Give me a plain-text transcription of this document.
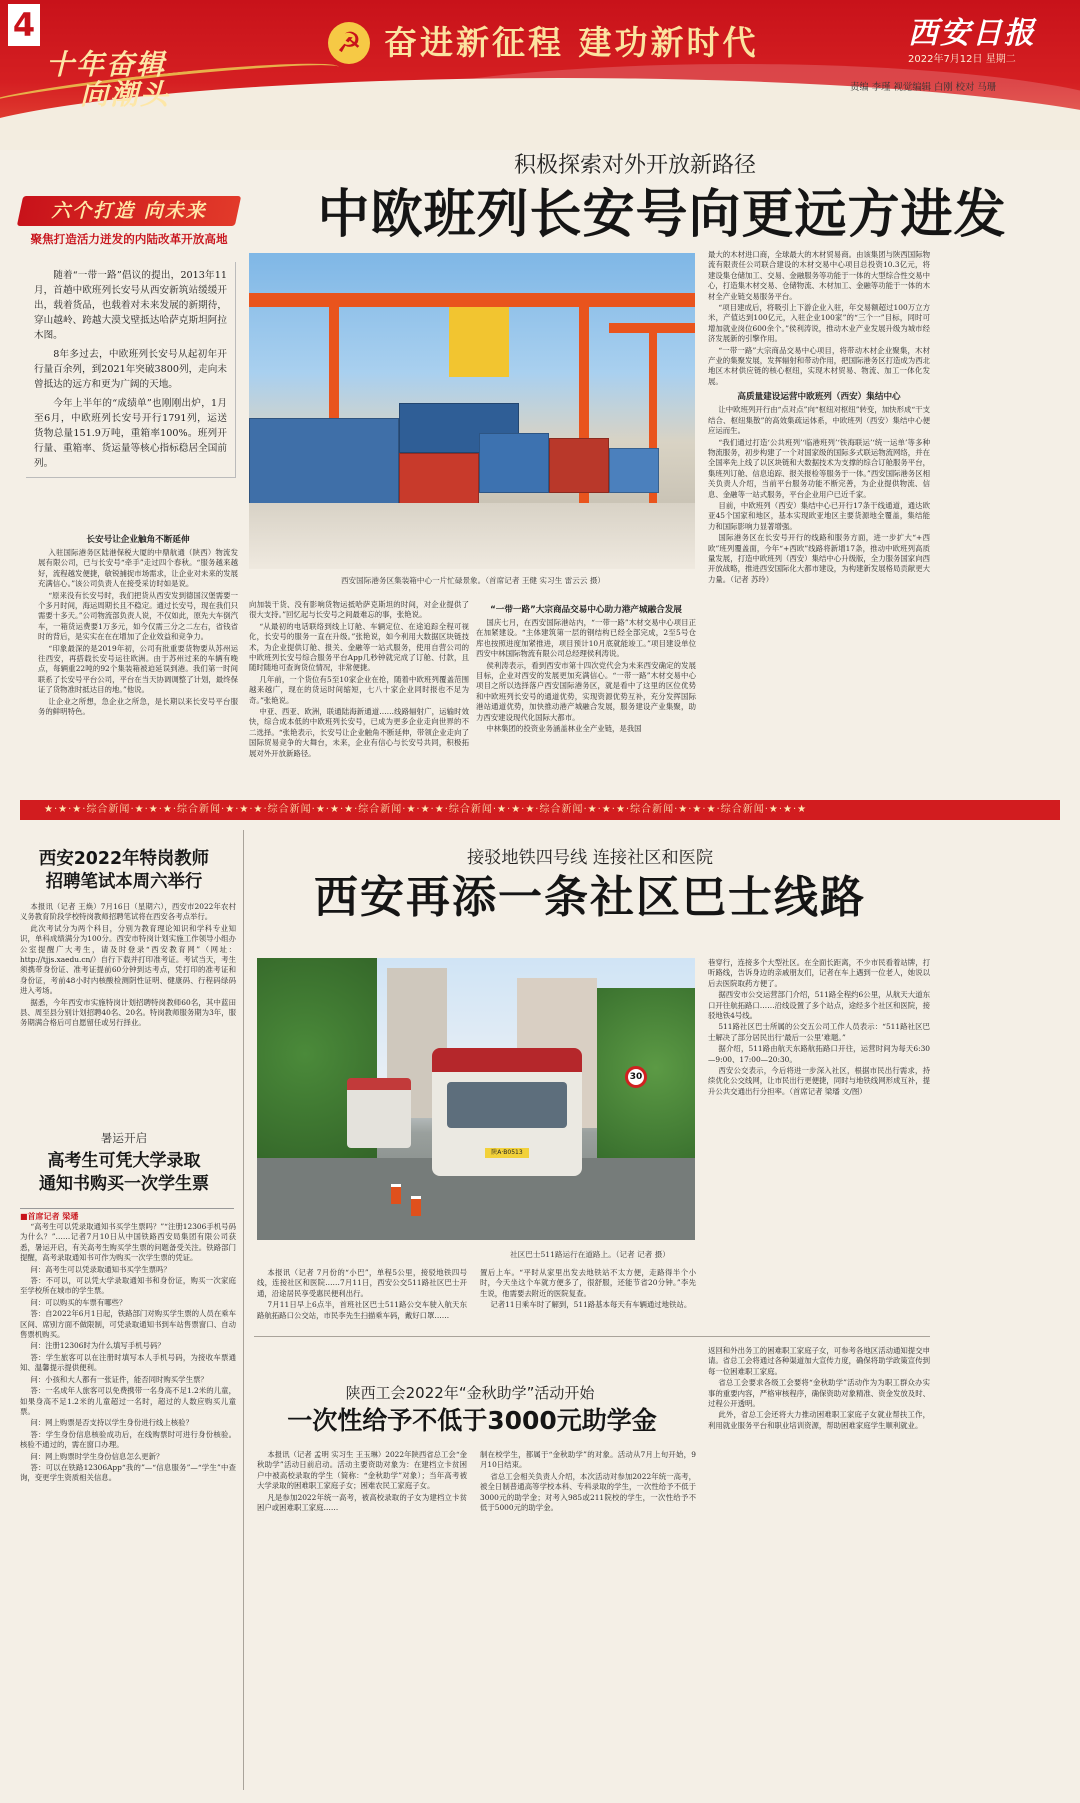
4
十年奋辑
向潮头
☭ 奋进新征程 建功新时代	西安日报
2022年7月12日 星期二
责编 李瑾 视觉编辑 白刚 校对 马珊
积极探索对外开放新路径
中欧班列长安号向更远方进发
六个打造 向未来
聚焦打造活力迸发的内陆改革开放高地

随着“一带一路”倡议的提出，2013年11月，首趟中欧班列长安号从西安新筑站缓缓开出，载着货品，也载着对未来发展的新期待，穿山越岭、跨越大漠戈壁抵达哈萨克斯坦阿拉木图。

8年多过去，中欧班列长安号从起初年开行量百余列，到2021年突破3800列，走向未曾抵达的远方和更为广阔的天地。

今年上半年的“成绩单”也刚刚出炉，1月至6月，中欧班列长安号开行1791列，运送货物总量151.9万吨，重箱率100%。班列开行量、重箱率、货运量等核心指标稳居全国前列。

西安国际港务区集装箱中心一片忙碌景象。（首席记者 王健 实习生 雷云云 摄）
长安号让企业触角不断延伸

入驻国际港务区陆港保税大厦的中鼎航通（陕西）物流发展有限公司，已与长安号“牵手”走过四个春秋。“服务越来越好，流程越发便捷，敏锐捕捉市场需求，让企业对未来的发展充满信心。”该公司负责人在接受采访时如是说。

“原来没有长安号时，我们把货从西安发到德国汉堡需要一个多月时间，海运周期长且不稳定。通过长安号，现在我们只需要十多天。”公司物流部负责人说，不仅如此，原先大车倒汽车，一箱货运费要1万多元，如今仅需三分之二左右，省钱省时的背后，是实实在在在增加了企业效益和竞争力。

“印象最深的是2019年初，公司有批重要货物要从苏州运往西安，再搭载长安号运往欧洲。由于苏州过来的车辆有晚点，每辆重22吨的92个集装箱被迫延误到港。我们第一时间联系了长安号平台公司，平台在当天协调调整了计划，最终保证了货物准时抵达目的地。”他说。

让企业之所想，急企业之所急，是长期以来长安号平台服务的鲜明特色。

向加装干货、没有影响货物运抵哈萨克斯坦的时间，对企业提供了很大支持。”回忆起与长安号之间最难忘的事，张艳说。

“从最初的电话联络到线上订舱、车辆定位、在途追踪全程可视化，长安号的服务一直在升级。”张艳说，如今利用大数据区块链技术，为企业提供订舱、报关、金融等一站式服务，使用自营公司的中欧班列长安号综合服务平台App几秒钟就完成了订舱、付款，且随时随地可查询货位情况，非常便捷。

几年前，一个货位有5至10家企业在抢，随着中欧班列覆盖范围越来越广，现在的货运时间缩短，七八十家企业同时报也不足为奇。”张艳说。

中亚、西亚、欧洲，联通陆海新通道……线路辐射广，运输时效快，综合成本低的中欧班列长安号，已成为更多企业走向世界的不二选择。“张艳表示，长安号让企业触角不断延伸，带领企业走向了国际贸易竞争的大舞台，未来，企业有信心与长安号共同，积极拓展对外开放新路径。

“一带一路”大宗商品交易中心助力港产城融合发展

国庆七月，在西安国际港站内，“一带一路”木材交易中心项目正在加紧建设。“主体建筑第一层的钢结构已经全部完成，2至5号仓库也按照进度加紧推进，项目预计10月底就能竣工。”项目建设单位西安中林国际物流有限公司总经理侯利涛说。

侯利涛表示，看到西安市第十四次党代会为未来西安确定的发展目标，企业对西安的发展更加充满信心。“一带一路”木材交易中心项目之所以选择落户西安国际港务区，就是看中了这里的区位优势和中欧班列长安号的通道优势，实现资源优势互补，充分发挥国际港站通道优势，加快推动港产城融合发展，服务建设产业集聚，助力西安建设现代化国际大都市。

中林集团的投资业务涵盖林业全产业链，是我国

最大的木材进口商，全球最大的木材贸易商。由该集团与陕西国际物流有限责任公司联合建设的木材交易中心项目总投资10.3亿元，将建设集仓储加工、交易、金融服务等功能于一体的大型综合性交易中心，打造集木材交易、仓储物流、木材加工、金融等功能于一体的木材全产业链交易服务平台。

“项目建成后，将吸引上下游企业入驻，年交易额超过100万立方米，产值达到100亿元，入驻企业100家”的“三个一”目标，同时可增加就业岗位600余个。”侯利涛说，推动木业产业发展升级为城市经济发展新的引擎作用。

“一带一路”大宗商品交易中心项目，将带动木材企业聚集，木材产业的集聚发展，发挥辐射和带动作用，把国际港务区打造成为西北地区木材供应链的核心枢纽，实现木材贸易、物流、加工一体化发展。

高质量建设运营中欧班列（西安）集结中心

让中欧班列开行由“点对点”向“枢纽对枢纽”转变，加快形成“干支结合、枢纽集散”的高效集疏运体系，中欧班列（西安）集结中心便应运而生。

“我们通过打造‘公共班列’‘临港班列’‘铁海联运’‘统一运单’等多种物流服务，初步构建了一个对国家级的国际多式联运物流网络，并在全国率先上线了以区块链和大数据技术为支撑的综合订舱服务平台，集班列订舱、信息追踪、报关报检等服务于一体。”西安国际港务区相关负责人介绍，当前平台服务功能不断完善，为企业提供物流、信息、金融等一站式服务，平台企业用户已近千家。

目前，中欧班列（西安）集结中心已开行17条干线通道，通达欧亚45个国家和地区，基本实现欧亚地区主要货源地全覆盖，集结能力和国际影响力显著增强。

国际港务区在长安号开行的线路和服务方面，进一步扩大“+西欧”班列覆盖面，今年“+西欧”线路将新增17条，推动中欧班列高质量发展，打造中欧班列（西安）集结中心升级版，全力服务国家向西开放战略，推进西安国际化大都市建设，为构建新发展格局贡献更大力量。（记者 苏玲）

★·★·★·综合新闻·★·★·★·综合新闻·★·★·★·综合新闻·★·★·★·综合新闻·★·★·★·综合新闻·★·★·★·综合新闻·★·★·★·综合新闻·★·★·★·综合新闻·★·★·★
西安2022年特岗教师
招聘笔试本周六举行

本报讯（记者 王焕）7月16日（星期六），西安市2022年农村义务教育阶段学校特岗教师招聘笔试将在西安各考点举行。

此次考试分为两个科目，分别为教育理论知识和学科专业知识，单科成绩满分为100分。西安市特岗计划实施工作领导小组办公室提醒广大考生，请及时登录“西安教育网”（网址：http://tjjs.xaedu.cn/）自行下载并打印准考证。考试当天，考生须携带身份证、准考证提前60分钟到达考点，凭打印的准考证和身份证，考前48小时内核酸检测阴性证明、健康码、行程码绿码进入考场。

据悉，今年西安市实施特岗计划招聘特岗教师60名，其中蓝田县、周至县分别计划招聘40名、20名。特岗教师服务期为3年，服务期满合格后可自愿留任或另行择业。

暑运开启
高考生可凭大学录取
通知书购买一次学生票
■首席记者 梁璠

“高考生可以凭录取通知书买学生票吗？”“注册12306手机号码为什么？”……记者7月10日从中国铁路西安局集团有限公司获悉，暑运开启，有关高考生购买学生票的问题备受关注。铁路部门提醒，高考录取通知书可作为购买一次学生票的凭证。

问：高考生可以凭录取通知书买学生票吗？

答：不可以，可以凭大学录取通知书和身份证，购买一次家庭至学校所在城市的学生票。

问：可以购买的车票有哪些？

答：自2022年6月1日起，铁路部门对购买学生票的人员在乘车区间、席别方面不做限制，可凭录取通知书到车站售票窗口、自动售票机购买。

问：注册12306时为什么填写手机号码？

答：学生旅客可以在注册时填写本人手机号码，为接收车票通知、温馨提示提供便利。

问：小孩和大人都有一张证件，能否同时购买学生票？

答：一名成年人旅客可以免费携带一名身高不足1.2米的儿童，如果身高不足1.2米的儿童超过一名时，超过的人数应购买儿童票。

问：网上购票是否支持以学生身份进行线上核验？

答：学生身份信息核验成功后，在线购票时可进行身份核验。核验不通过的，需在窗口办理。

问：网上购票时学生身份信息怎么更新？

答：可以在铁路12306App“我的”—“信息服务”—“学生”中查询，变更学生资质相关信息。

接驳地铁四号线 连接社区和医院
西安再添一条社区巴士线路
陕A·B0513
30
社区巴士511路运行在道路上。（记者 记者 摄）

本报讯（记者 7月份的“小巴”，单程5公里，接驳地铁四号线，连接社区和医院……7月11日，西安公交511路社区巴士开通，沿途居民享受惠民便利出行。

7月11日早上6点半，首班社区巴士511路公交车驶入航天东路航拓路口公交站，市民李先生扫描乘车码，戴好口罩……

置后上车。“平时从家里出发去地铁站不太方便，走路得半个小时，今天坐这个车就方便多了，很舒服，还能节省20分钟。”李先生说，他需要去附近的医院复查。

记者11日乘车时了解到，511路基本每天有车辆通过地铁站。

巷穿行，连接多个大型社区。在全面长距离，不少市民看着站牌，打听路线，告诉身边的亲戚朋友们，记者在车上遇到一位老人，她说以后去医院取药方便了。

据西安市公交运营部门介绍，511路全程约6公里，从航天大道东口开往航拓路口……沿线设置了多个站点，途经多个社区和医院，接驳地铁4号线。

511路社区巴士所属的公交五公司工作人员表示：“511路社区巴士解决了部分居民出行‘最后一公里’难题。”

据介绍，511路由航天东路航拓路口开往，运营时间为每天6:30—9:00、17:00—20:30。

西安公交表示，今后将进一步深入社区，根据市民出行需求，持续优化公交线网，让市民出行更便捷，同时与地铁线网形成互补，提升公共交通出行分担率。（首席记者 梁璠 文/图）

陕西工会2022年“金秋助学”活动开始
一次性给予不低于3000元助学金

本报讯（记者 孟明 实习生 王玉琳）2022年陕西省总工会“金秋助学”活动日前启动。活动主要资助对象为：在建档立卡贫困户中被高校录取的学生（简称：“金秋助学”对象）；当年高考被大学录取的困难职工家庭子女；困难农民工家庭子女。

凡是参加2022年统一高考，被高校录取的子女为建档立卡贫困户或困难职工家庭……

制在校学生，都属于“金秋助学”的对象。活动从7月上旬开始，9月10日结束。

省总工会相关负责人介绍，本次活动对参加2022年统一高考，被全日制普通高等学校本科、专科录取的学生，一次性给予不低于3000元的助学金；对考入985或211院校的学生，一次性给予不低于5000元的助学金。

返回和外出务工的困难职工家庭子女，可参考各地区活动通知提交申请。省总工会将通过各种渠道加大宣传力度，确保将助学政策宣传到每一位困难职工家庭。

省总工会要求各级工会要将“金秋助学”活动作为为职工群众办实事的重要内容，严格审核程序，确保资助对象精准、资金发放及时、过程公开透明。

此外，省总工会还将大力推动困难职工家庭子女就业帮扶工作，利用就业服务平台和职业培训资源，帮助困难家庭学生顺利就业。
